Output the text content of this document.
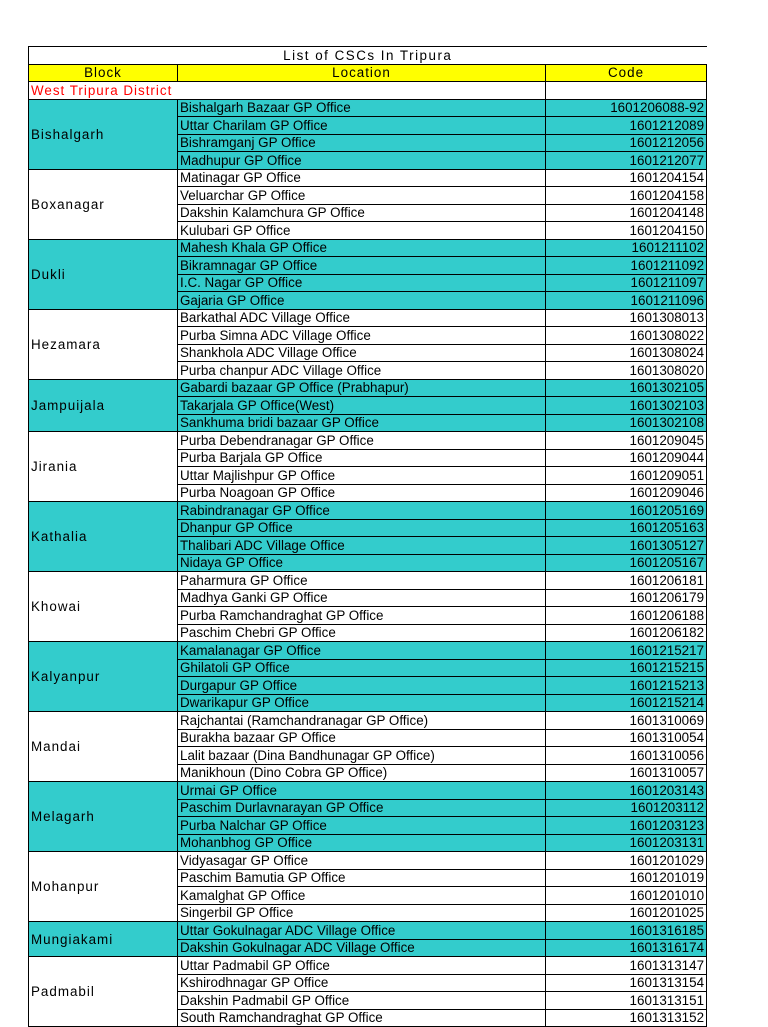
List of CSCs In Tripura		
Block	Location	Code
West Tripura District		
Bishalgarh	Bishalgarh Bazaar GP Office	1601206088-92
	Uttar Charilam GP Office	1601212089
	Bishramganj GP Office	1601212056
	Madhupur GP Office	1601212077
Boxanagar	Matinagar GP Office	1601204154
	Veluarchar GP Office	1601204158
	Dakshin Kalamchura GP Office	1601204148
	Kulubari GP Office	1601204150
Dukli	Mahesh Khala GP Office	1601211102
	Bikramnagar GP Office	1601211092
	I.C. Nagar GP Office	1601211097
	Gajaria GP Office	1601211096
Hezamara	Barkathal ADC Village Office	1601308013
	Purba Simna ADC Village Office	1601308022
	Shankhola ADC Village Office	1601308024
	Purba chanpur ADC Village Office	1601308020
Jampuijala	Gabardi bazaar GP Office (Prabhapur)	1601302105
	Takarjala GP Office(West)	1601302103
	Sankhuma bridi bazaar GP Office	1601302108
Jirania	Purba Debendranagar GP Office	1601209045
	Purba Barjala GP Office	1601209044
	Uttar Majlishpur GP Office	1601209051
	Purba Noagoan GP Office	1601209046
Kathalia	Rabindranagar GP Office	1601205169
	Dhanpur GP Office	1601205163
	Thalibari ADC Village Office	1601305127
	Nidaya GP Office	1601205167
Khowai	Paharmura GP Office	1601206181
	Madhya Ganki GP Office	1601206179
	Purba Ramchandraghat GP Office	1601206188
	Paschim Chebri GP Office	1601206182
Kalyanpur	Kamalanagar GP Office	1601215217
	Ghilatoli GP Office	1601215215
	Durgapur GP Office	1601215213
	Dwarikapur GP Office	1601215214
Mandai	Rajchantai (Ramchandranagar GP Office)	1601310069
	Burakha bazaar GP Office	1601310054
	Lalit bazaar (Dina Bandhunagar GP Office)	1601310056
	Manikhoun (Dino Cobra GP Office)	1601310057
Melagarh	Urmai GP Office	1601203143
	Paschim Durlavnarayan GP Office	1601203112
	Purba Nalchar GP Office	1601203123
	Mohanbhog GP Office	1601203131
Mohanpur	Vidyasagar GP Office	1601201029
	Paschim Bamutia GP Office	1601201019
	Kamalghat GP Office	1601201010
	Singerbil GP Office	1601201025
Mungiakami	Uttar Gokulnagar ADC Village Office	1601316185
	Dakshin Gokulnagar ADC Village Office	1601316174
Padmabil	Uttar Padmabil GP Office	1601313147
	Kshirodhnagar GP Office	1601313154
	Dakshin Padmabil GP Office	1601313151
	South Ramchandraghat GP Office	1601313152
